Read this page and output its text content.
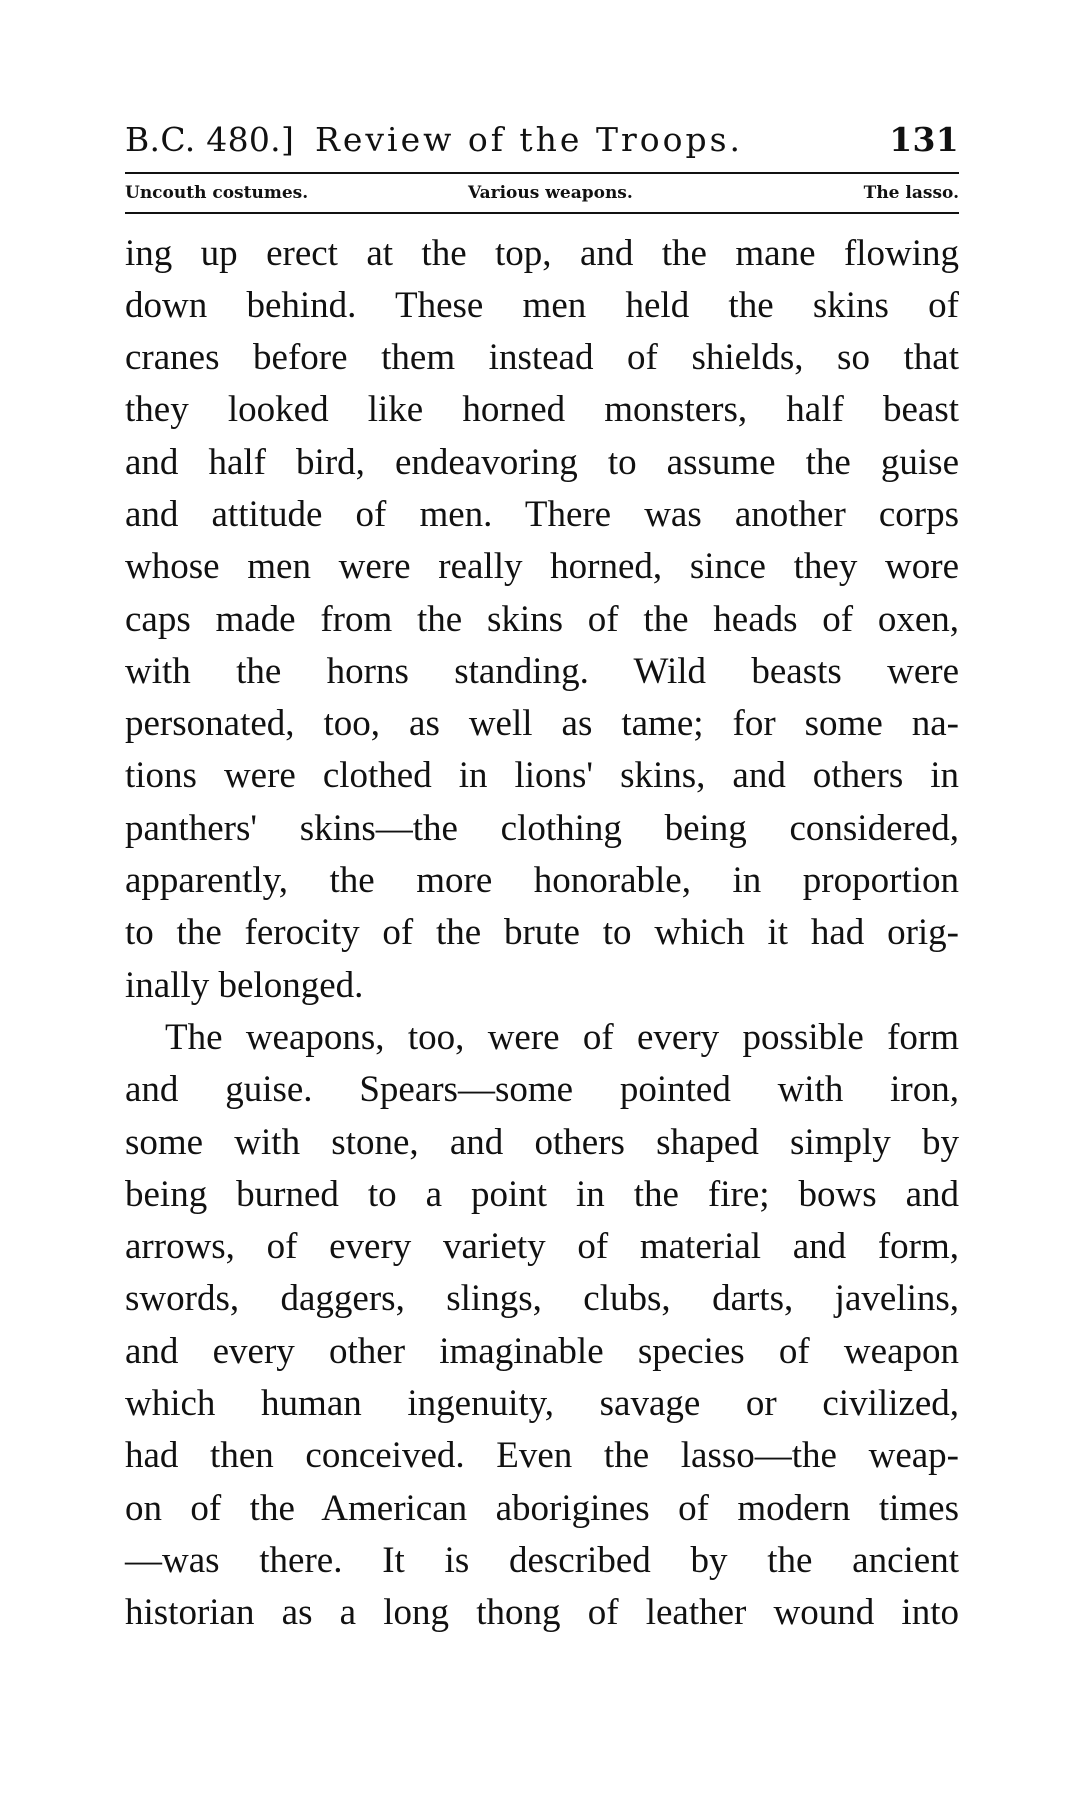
B.C. 480.] Review of the Troops.	131
Uncouth costumes.	Various weapons.	The lasso.
ing up erect at the top, and the mane flowing
down behind. These men held the skins of
cranes before them instead of shields, so that
they looked like horned monsters, half beast
and half bird, endeavoring to assume the guise
and attitude of men. There was another corps
whose men were really horned, since they wore
caps made from the skins of the heads of oxen,
with the horns standing. Wild beasts were
personated, too, as well as tame; for some na-
tions were clothed in lions' skins, and others in
panthers' skins—the clothing being considered,
apparently, the more honorable, in proportion
to the ferocity of the brute to which it had orig-
inally belonged.
The weapons, too, were of every possible form
and guise. Spears—some pointed with iron,
some with stone, and others shaped simply by
being burned to a point in the fire; bows and
arrows, of every variety of material and form,
swords, daggers, slings, clubs, darts, javelins,
and every other imaginable species of weapon
which human ingenuity, savage or civilized,
had then conceived. Even the lasso—the weap-
on of the American aborigines of modern times
—was there. It is described by the ancient
historian as a long thong of leather wound into
